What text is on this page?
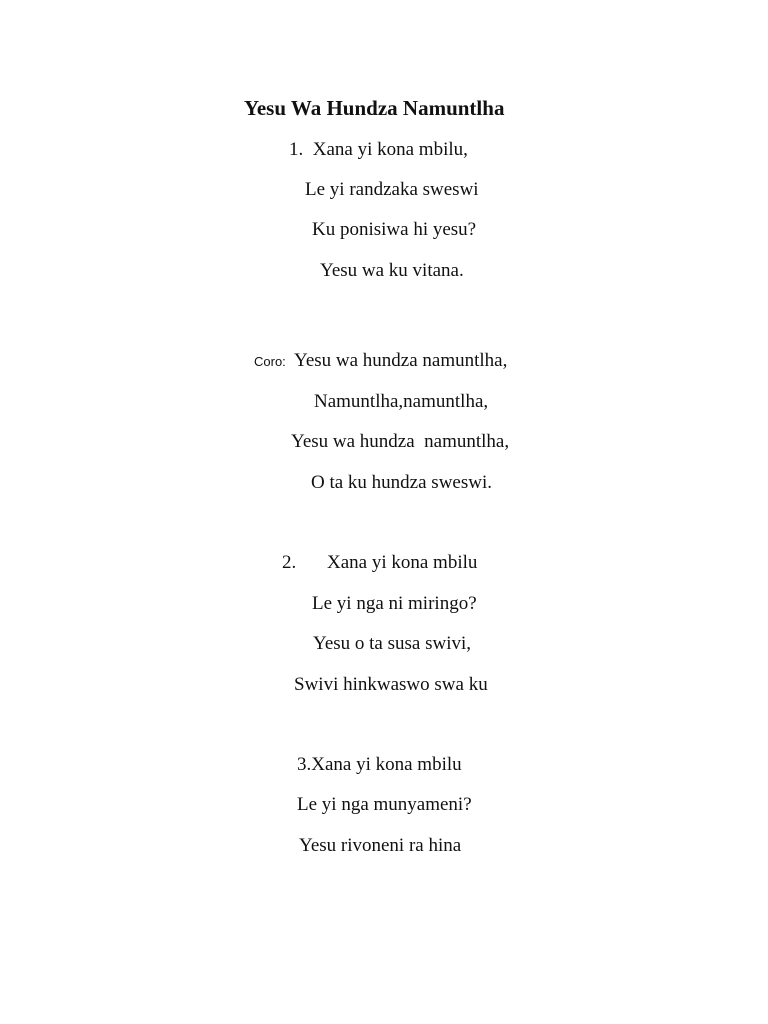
Yesu Wa Hundza Namuntlha
1.  Xana yi kona mbilu,
Le yi randzaka sweswi
Ku ponisiwa hi yesu?
Yesu wa ku vitana.
Coro: Yesu wa hundza namuntlha,
Namuntlha,namuntlha,
Yesu wa hundza  namuntlha,
O ta ku hundza sweswi.
2. Xana yi kona mbilu
Le yi nga ni miringo?
Yesu o ta susa swivi,
Swivi hinkwaswo swa ku
3.Xana yi kona mbilu
Le yi nga munyameni?
Yesu rivoneni ra hina
